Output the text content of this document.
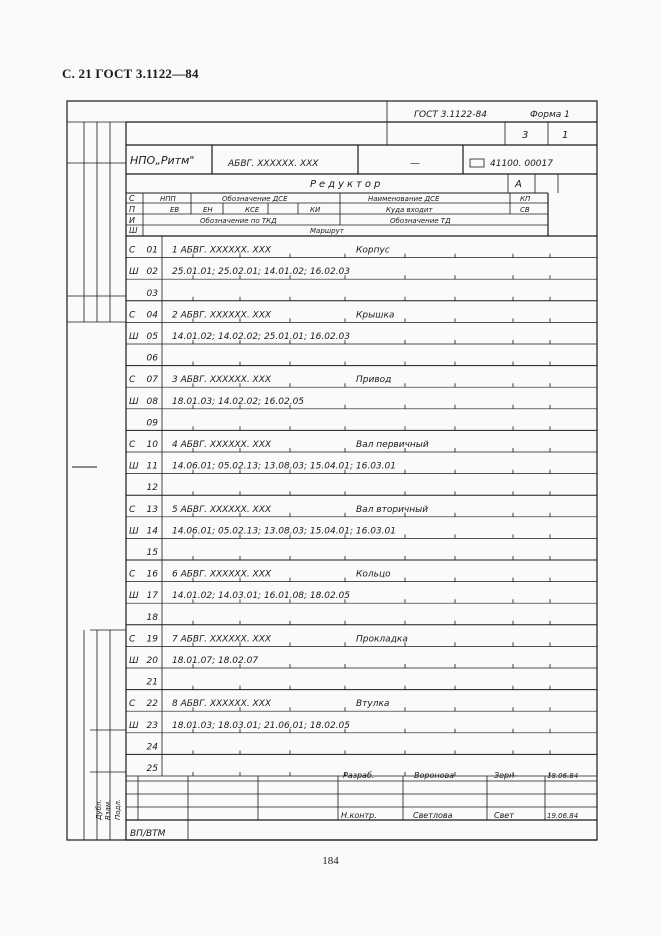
С. 21 ГОСТ 3.1122—84
ГОСТ 3.1122-84	Форма 1
3	1
НПО„Ритм"	АБВГ. XXXXXX. XXX	—	41100. 00017
Редуктор	А
С	НПП	Обозначение ДСЕ	Наименование ДСЕ	КП
П	ЕВ	ЕН	КСЕ	КИ	Куда входит	СВ
И	Обозначение по ТКД	Обозначение ТД
Ш	Маршрут
С 01 1 АБВГ. XXXXXX. XXX	Корпус
Ш 02 25.01.01; 25.02.01; 14.01.02; 16.02.03
03
С 04 2 АБВГ. XXXXXX. XXX	Крышка
Ш 05 14.01.02; 14.02.02; 25.01.01; 16.02.03
06
С 07 3 АБВГ. XXXXXX. XXX	Привод
Ш 08 18.01.03; 14.02.02; 16.02.05
09
С 10 4 АБВГ. XXXXXX. XXX	Вал первичный
Ш 11 14.06.01; 05.02.13; 13.08.03; 15.04.01; 16.03.01
12
С 13 5 АБВГ. XXXXXX. XXX	Вал вторичный
Ш 14 14.06.01; 05.02.13; 13.08.03; 15.04.01; 16.03.01
15
С 16 6 АБВГ. XXXXXX. XXX	Кольцо
Ш 17 14.01.02; 14.03.01; 16.01.08; 18.02.05
18
С 19 7 АБВГ. XXXXXX. XXX	Прокладка
Ш 20 18.01.07; 18.02.07
21
С 22 8 АБВГ. XXXXXX. XXX	Втулка
Ш 23 18.01.03; 18.03.01; 21.06.01; 18.02.05
24
25
Разраб.	Воронова	Зерн-	18.06.84
Н.контр.	Светлова	Свет	19.06.84
Дубл. Взам. Подл.
ВП/ВТМ
184
